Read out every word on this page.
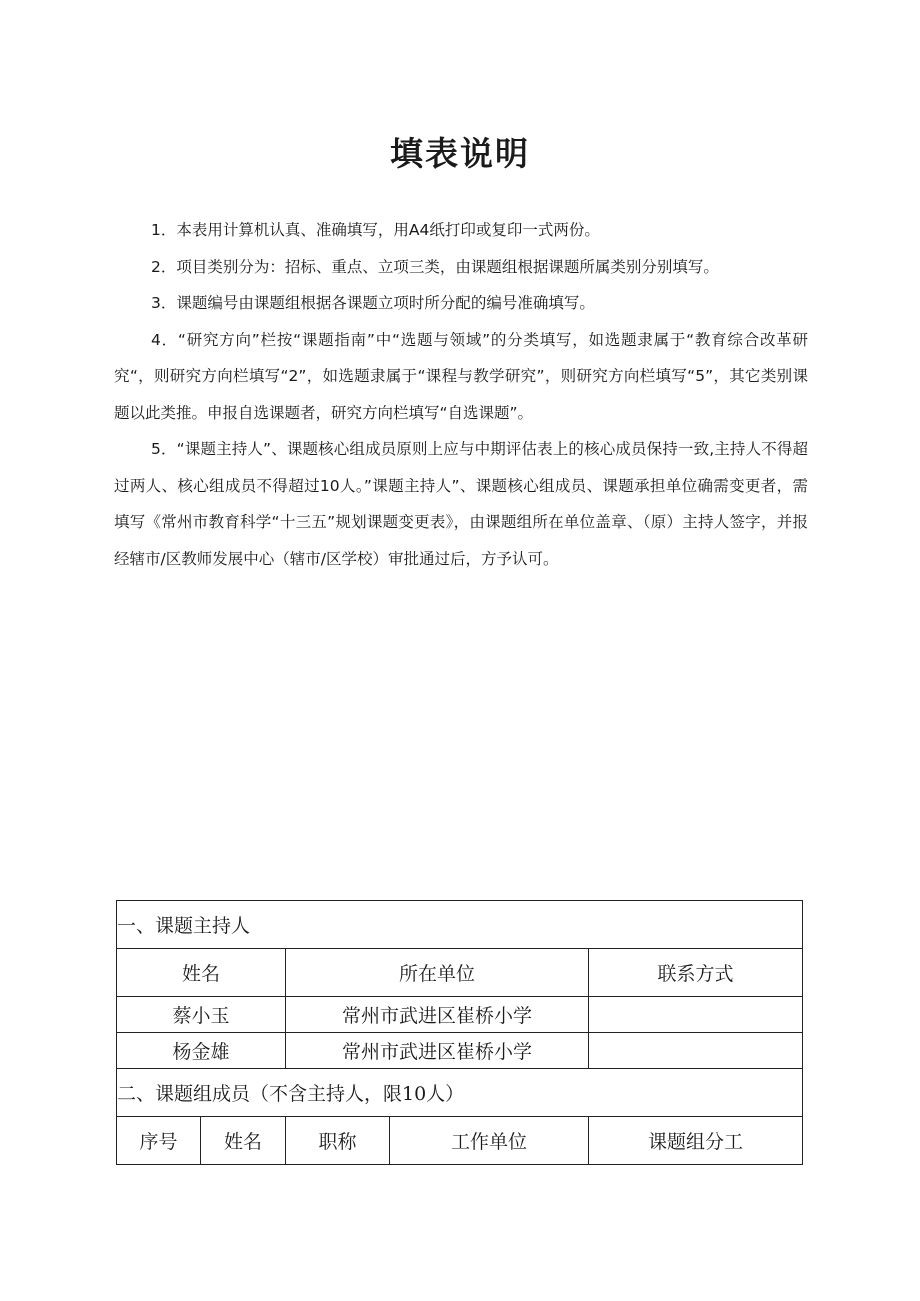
填表说明

1．本表用计算机认真、准确填写，用A4纸打印或复印一式两份。

2．项目类别分为：招标、重点、立项三类，由课题组根据课题所属类别分别填写。

3．课题编号由课题组根据各课题立项时所分配的编号准确填写。

4．“研究方向”栏按“课题指南”中“选题与领域”的分类填写，如选题隶属于“教育综合改革研究“，则研究方向栏填写“2”，如选题隶属于“课程与教学研究”，则研究方向栏填写“5”，其它类别课题以此类推。申报自选课题者，研究方向栏填写“自选课题”。

5．“课题主持人”、课题核心组成员原则上应与中期评估表上的核心成员保持一致,主持人不得超过两人、核心组成员不得超过10人。”课题主持人”、课题核心组成员、课题承担单位确需变更者，需填写《常州市教育科学“十三五”规划课题变更表》，由课题组所在单位盖章、（原）主持人签字，并报经辖市/区教师发展中心（辖市/区学校）审批通过后，方予认可。

一、课题主持人				
姓名		所在单位		联系方式
蔡小玉		常州市武进区崔桥小学		
杨金雄		常州市武进区崔桥小学		
二、课题组成员（不含主持人，限10人）				
序号	姓名	职称	工作单位	课题组分工
